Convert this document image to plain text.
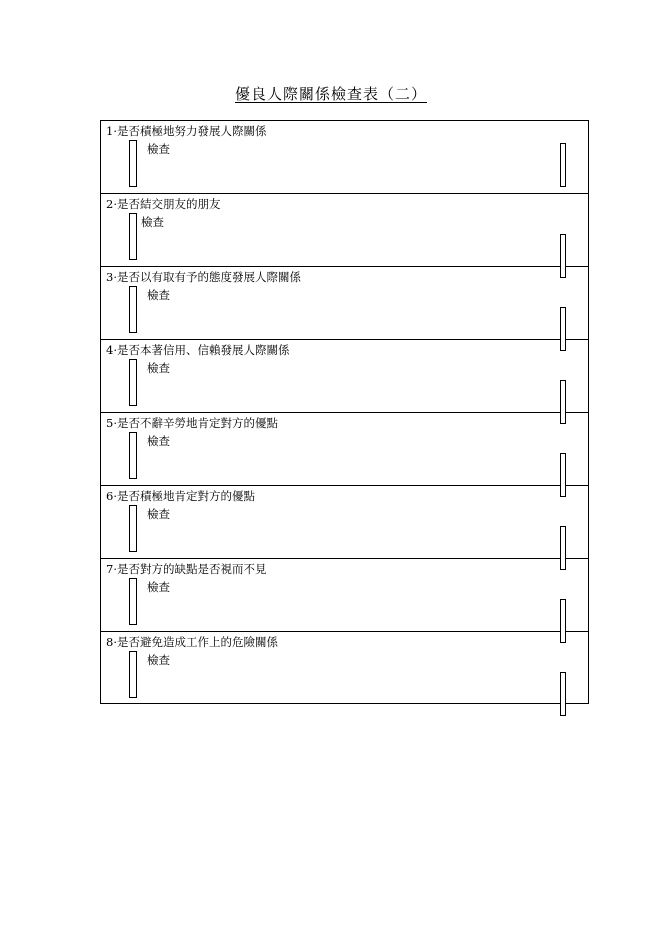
優良人際關係檢查表（二）
1·是否積極地努力發展人際關係
檢查
2·是否結交朋友的朋友
檢查
3·是否以有取有予的態度發展人際關係
檢查
4·是否本著信用、信賴發展人際關係
檢查
5·是否不辭辛勞地肯定對方的優點
檢查
6·是否積極地肯定對方的優點
檢查
7·是否對方的缺點是否視而不見
檢查
8·是否避免造成工作上的危險關係
檢查
